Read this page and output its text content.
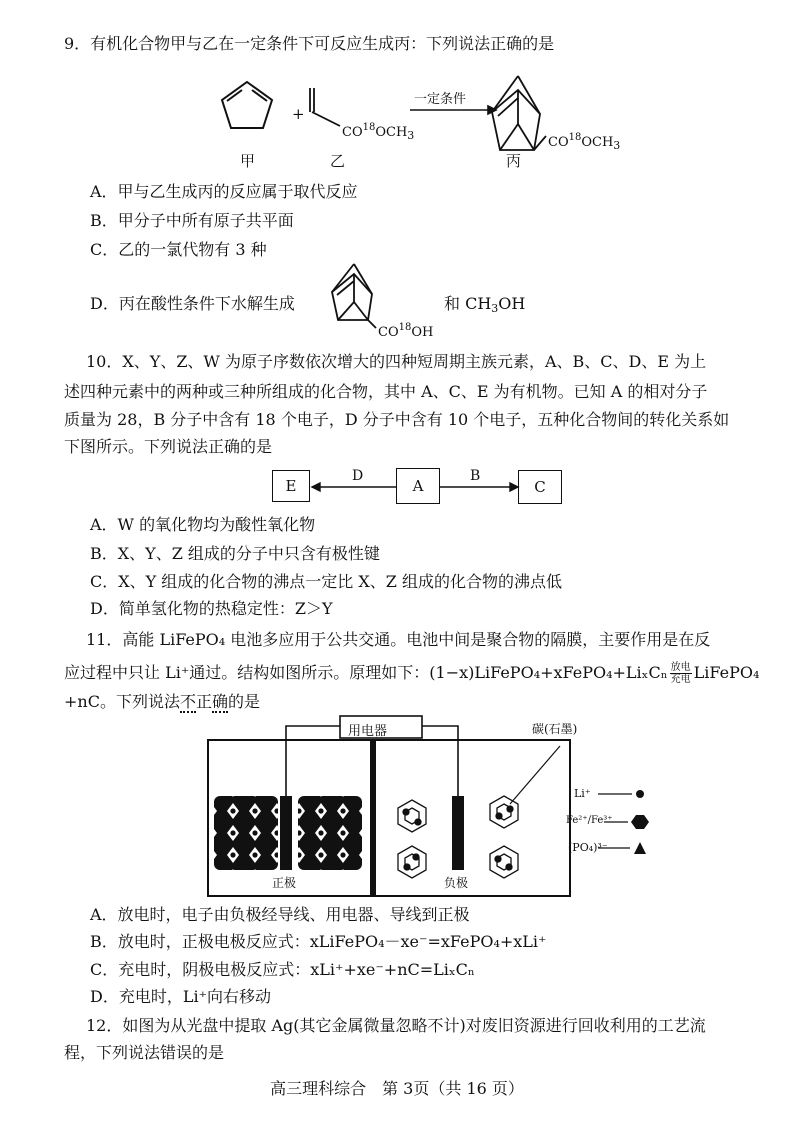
9．有机化合物甲与乙在一定条件下可反应生成丙：下列说法正确的是
+
一定条件
$CO^{18}OCH_3$	$CO^{18}OCH_3$
甲	乙	丙
A．甲与乙生成丙的反应属于取代反应
B．甲分子中所有原子共平面
C．乙的一氯代物有 3 种
D．丙在酸性条件下水解生成
CO$^{18}$OH
和 $CH_3OH$
10．X、Y、Z、W 为原子序数依次增大的四种短周期主族元素，A、B、C、D、E 为上
述四种元素中的两种或三种所组成的化合物，其中 A、C、E 为有机物。已知 A 的相对分子
质量为 28，B 分子中含有 18 个电子，D 分子中含有 10 个电子，五种化合物间的转化关系如
下图所示。下列说法正确的是
E	A	C
D	B
A．W 的氧化物均为酸性氧化物
B．X、Y、Z 组成的分子中只含有极性键
C．X、Y 组成的化合物的沸点一定比 X、Z 组成的化合物的沸点低
D．简单氢化物的热稳定性：Z＞Y
11．高能 LiFePO₄ 电池多应用于公共交通。电池中间是聚合物的隔膜，主要作用是在反
应过程中只让 Li⁺通过。结构如图所示。原理如下：(1−x)LiFePO₄+xFePO₄+LiₓCₙ $\frac{\text{放电}}{\text{充电}}$ LiFePO₄
+nC。下列说法不正确的是
用电器	碳(石墨)
正极	负极
Li⁺
Fe²⁺/Fe³⁺
(PO₄)³⁻
A．放电时，电子由负极经导线、用电器、导线到正极
B．放电时，正极电极反应式：xLiFePO₄－xe⁻=xFePO₄+xLi⁺
C．充电时，阴极电极反应式：xLi⁺+xe⁻+nC=LiₓCₙ
D．充电时，Li⁺向右移动
12．如图为从光盘中提取 Ag(其它金属微量忽略不计)对废旧资源进行回收利用的工艺流
程，下列说法错误的是
高三理科综合　第 3页（共 16 页）
